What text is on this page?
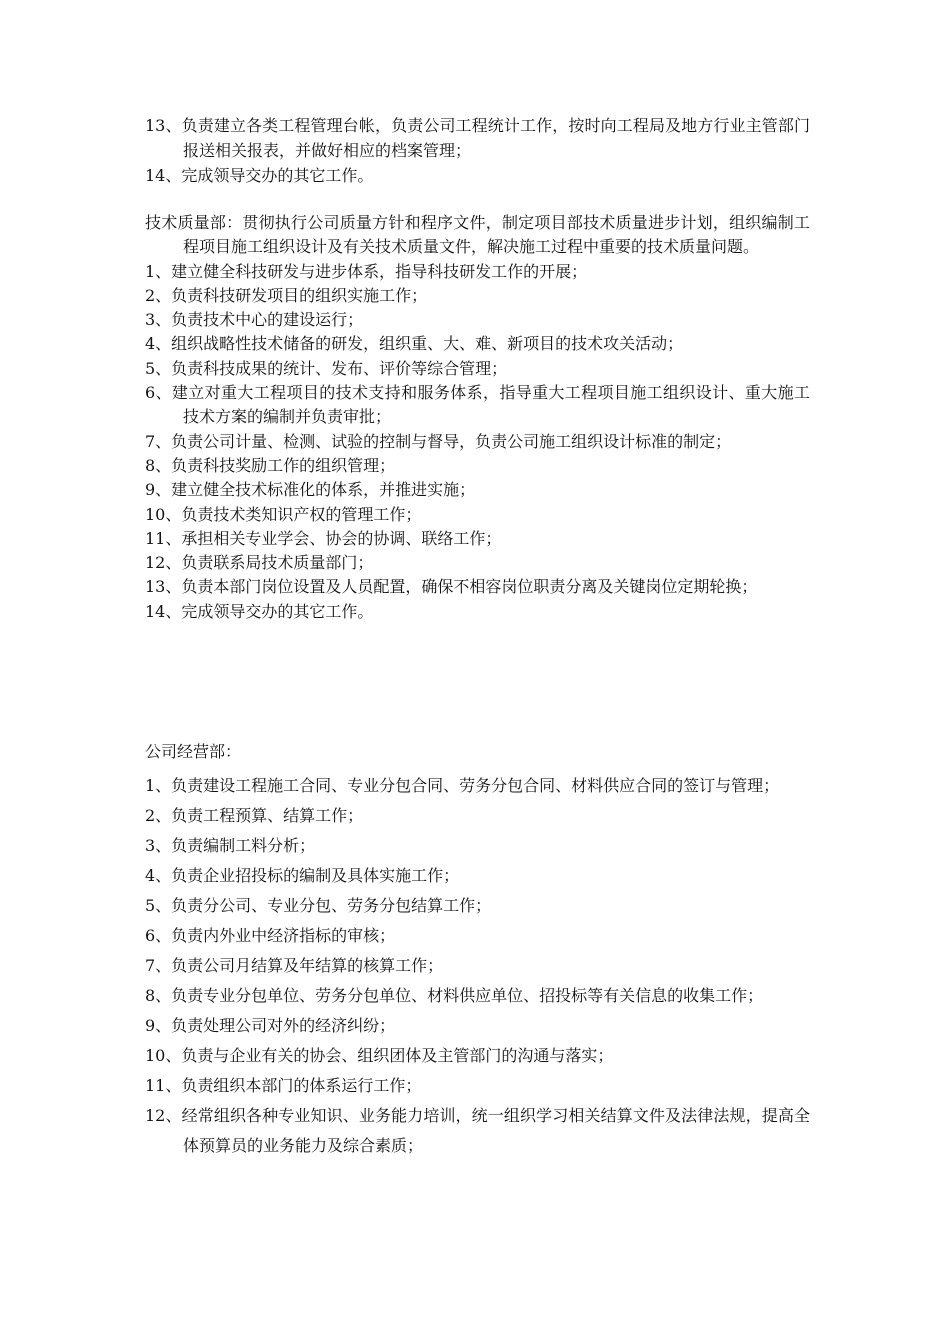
13、负责建立各类工程管理台帐，负责公司工程统计工作，按时向工程局及地方行业主管部门报送相关报表，并做好相应的档案管理；

14、完成领导交办的其它工作。

技术质量部：贯彻执行公司质量方针和程序文件，制定项目部技术质量进步计划，组织编制工程项目施工组织设计及有关技术质量文件，解决施工过程中重要的技术质量问题。

1、建立健全科技研发与进步体系，指导科技研发工作的开展；

2、负责科技研发项目的组织实施工作；

3、负责技术中心的建设运行；

4、组织战略性技术储备的研发，组织重、大、难、新项目的技术攻关活动；

5、负责科技成果的统计、发布、评价等综合管理；

6、建立对重大工程项目的技术支持和服务体系，指导重大工程项目施工组织设计、重大施工技术方案的编制并负责审批；

7、负责公司计量、检测、试验的控制与督导，负责公司施工组织设计标准的制定；

8、负责科技奖励工作的组织管理；

9、建立健全技术标准化的体系，并推进实施；

10、负责技术类知识产权的管理工作；

11、承担相关专业学会、协会的协调、联络工作；

12、负责联系局技术质量部门；

13、负责本部门岗位设置及人员配置，确保不相容岗位职责分离及关键岗位定期轮换；

14、完成领导交办的其它工作。

公司经营部：

1、负责建设工程施工合同、专业分包合同、劳务分包合同、材料供应合同的签订与管理；

2、负责工程预算、结算工作；

3、负责编制工料分析；

4、负责企业招投标的编制及具体实施工作；

5、负责分公司、专业分包、劳务分包结算工作；

6、负责内外业中经济指标的审核；

7、负责公司月结算及年结算的核算工作；

8、负责专业分包单位、劳务分包单位、材料供应单位、招投标等有关信息的收集工作；

9、负责处理公司对外的经济纠纷；

10、负责与企业有关的协会、组织团体及主管部门的沟通与落实；

11、负责组织本部门的体系运行工作；

12、经常组织各种专业知识、业务能力培训，统一组织学习相关结算文件及法律法规，提高全体预算员的业务能力及综合素质；
